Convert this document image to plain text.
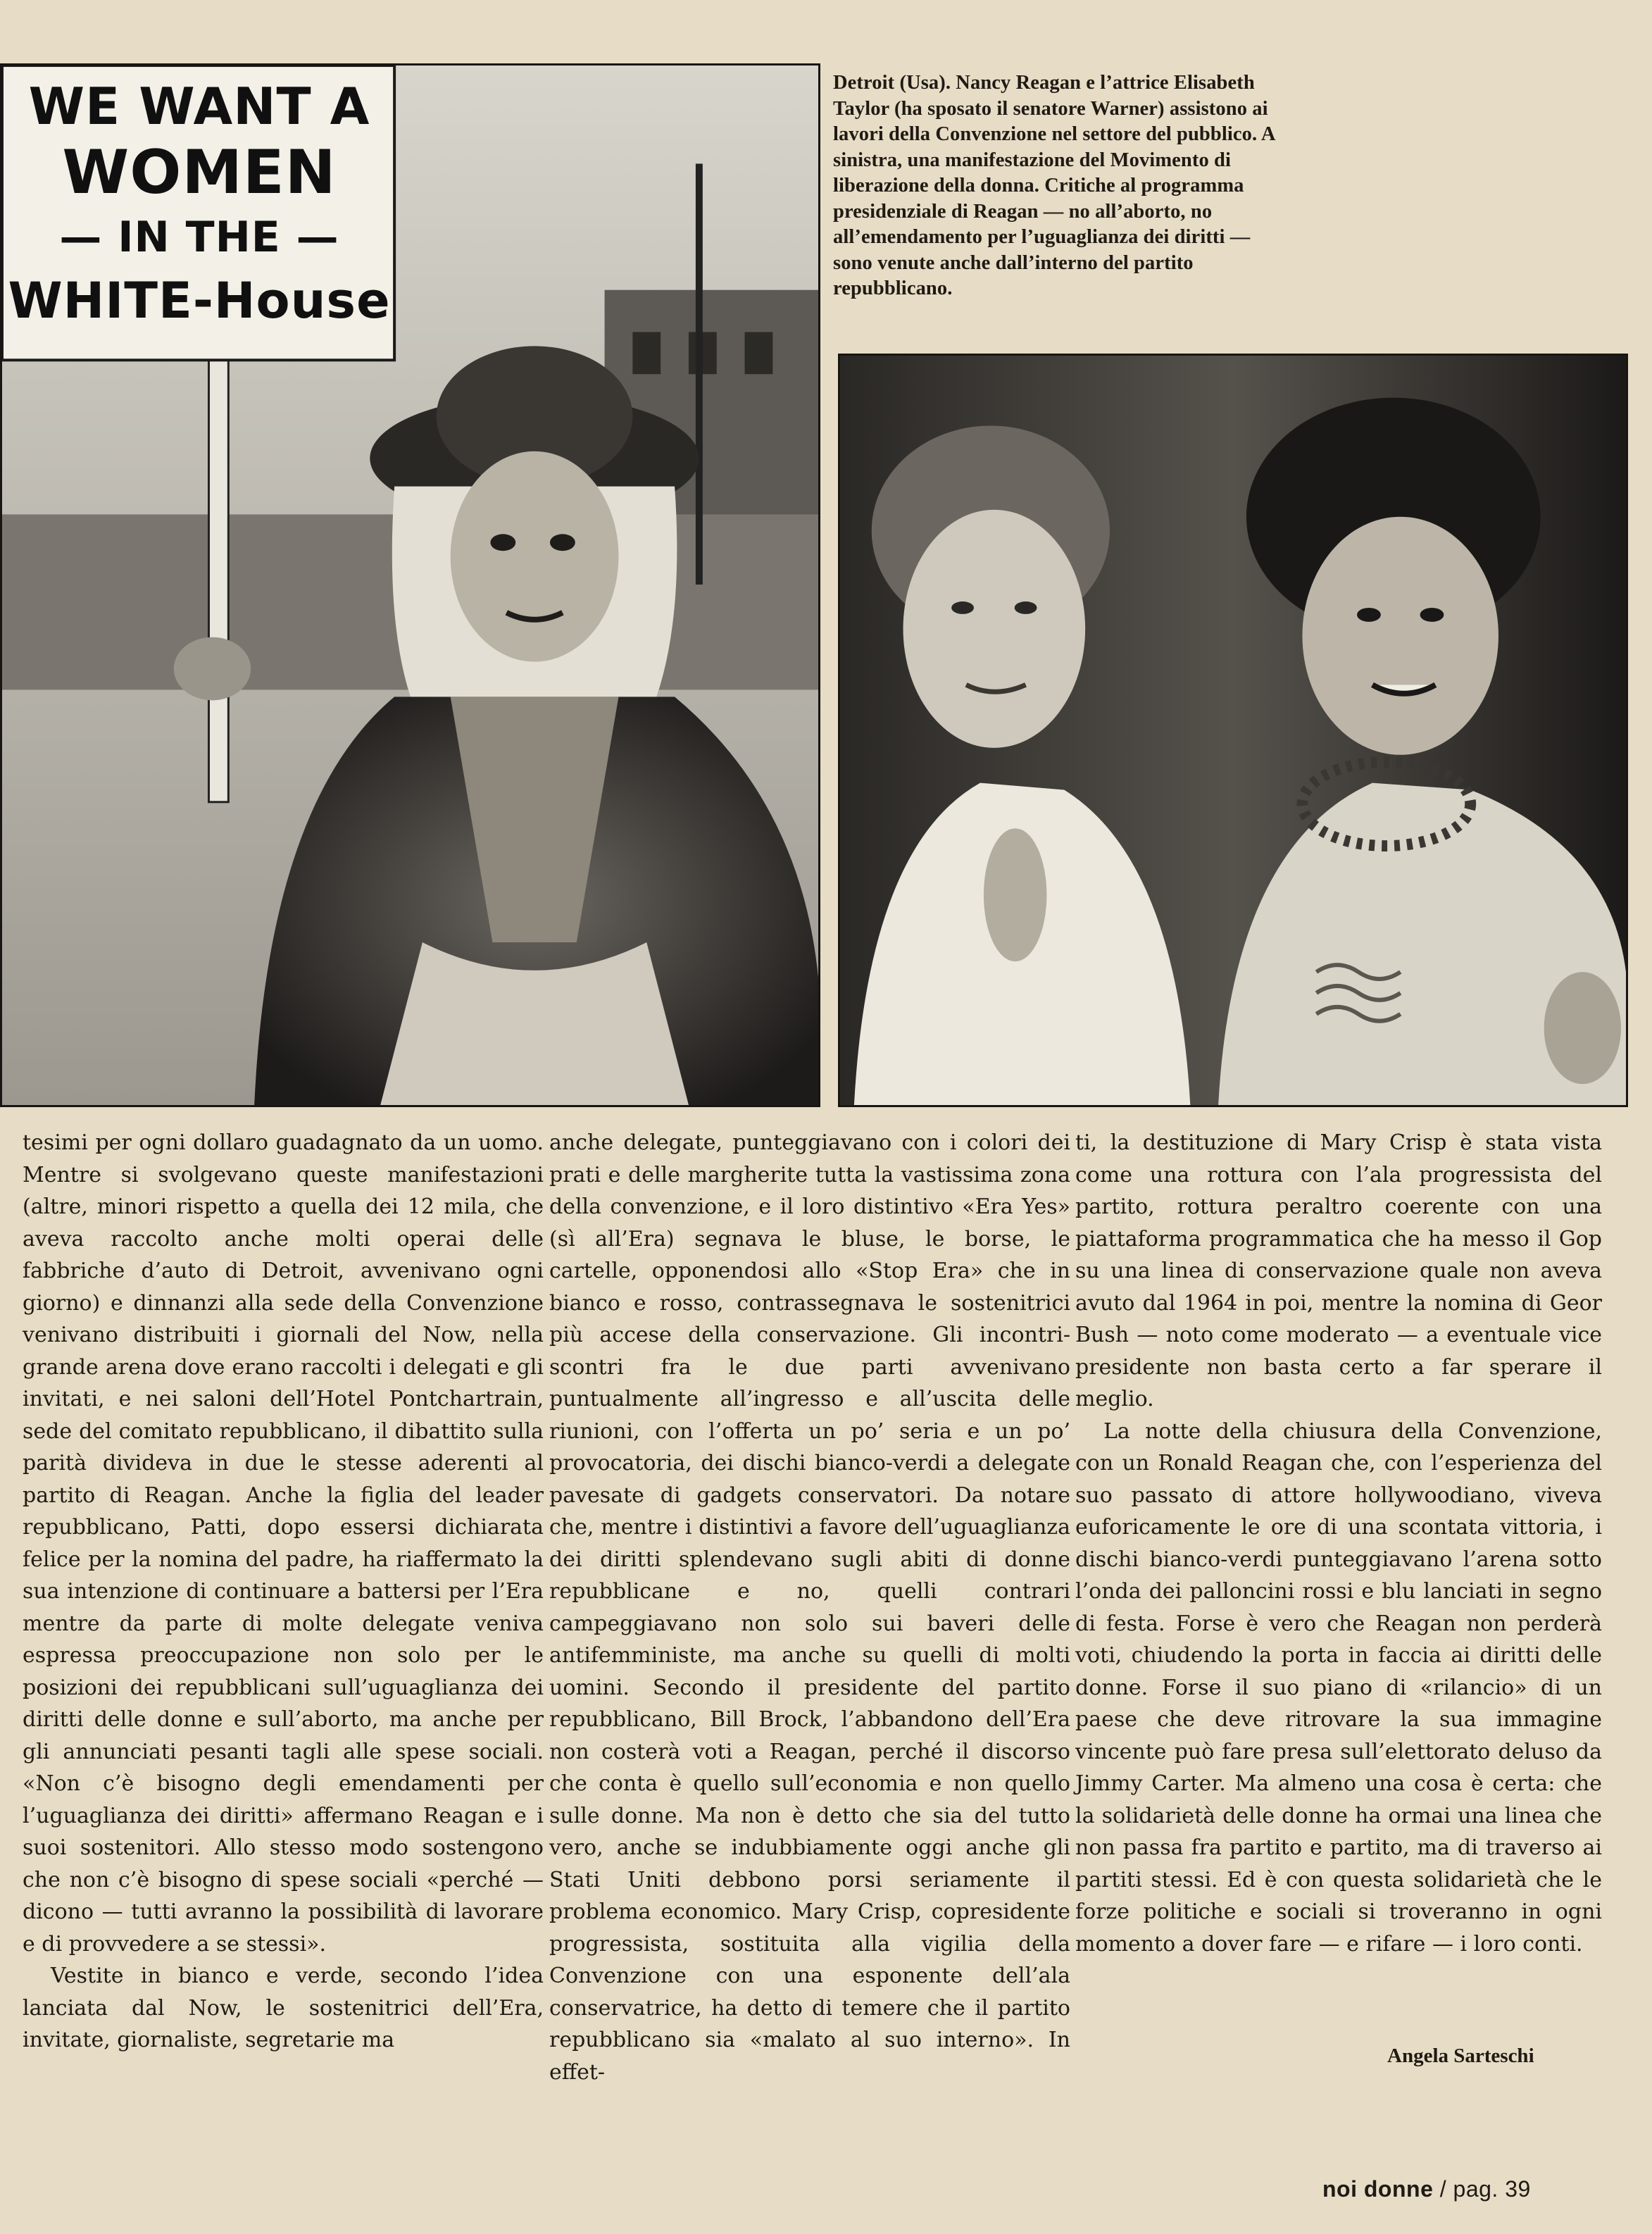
WE WANT A
WOMEN
— IN THE —
WHITE-House

Detroit (Usa). Nancy Reagan e l’attrice Elisabeth Taylor (ha sposato il senatore Warner) assistono ai lavori della Convenzione nel settore del pubblico. A sinistra, una manifestazione del Movimento di liberazione della donna. Critiche al programma presidenziale di Reagan — no all’aborto, no all’emendamento per l’uguaglianza dei diritti — sono venute anche dall’interno del partito repubblicano.

tesimi per ogni dollaro guadagnato da un uomo. Mentre si svolgevano queste manifestazioni (altre, minori rispetto a quella dei 12 mila, che aveva raccolto anche molti operai delle fabbriche d’auto di Detroit, avvenivano ogni giorno) e dinnanzi alla sede della Convenzione venivano distribuiti i giornali del Now, nella grande arena dove erano raccolti i delegati e gli invitati, e nei saloni dell’Hotel Pontchartrain, sede del comitato repubblicano, il dibattito sulla parità divideva in due le stesse aderenti al partito di Reagan. Anche la figlia del leader repubblicano, Patti, dopo essersi dichiarata felice per la nomina del padre, ha riaffermato la sua intenzione di continuare a battersi per l’Era mentre da parte di molte delegate veniva espressa preoccupazione non solo per le posizioni dei repubblicani sull’uguaglianza dei diritti delle donne e sull’aborto, ma anche per gli annunciati pesanti tagli alle spese sociali. «Non c’è bisogno degli emendamenti per l’uguaglianza dei diritti» affermano Reagan e i suoi sostenitori. Allo stesso modo sostengono che non c’è bisogno di spese sociali «perché — dicono — tutti avranno la possibilità di lavorare e di provvedere a se stessi».

Vestite in bianco e verde, secondo l’idea lanciata dal Now, le sostenitrici dell’Era, invitate, giornaliste, segretarie ma

anche delegate, punteggiavano con i colori dei prati e delle margherite tutta la vastissima zona della convenzione, e il loro distintivo «Era Yes» (sì all’Era) segnava le bluse, le borse, le cartelle, opponendosi allo «Stop Era» che in bianco e rosso, contrassegnava le sostenitrici più accese della conservazione. Gli incontri-scontri fra le due parti avvenivano puntualmente all’ingresso e all’uscita delle riunioni, con l’offerta un po’ seria e un po’ provocatoria, dei dischi bianco-verdi a delegate pavesate di gadgets conservatori. Da notare che, mentre i distintivi a favore dell’uguaglianza dei diritti splendevano sugli abiti di donne repubblicane e no, quelli contrari campeggiavano non solo sui baveri delle antifemministe, ma anche su quelli di molti uomini. Secondo il presidente del partito repubblicano, Bill Brock, l’abbandono dell’Era non costerà voti a Reagan, perché il discorso che conta è quello sull’economia e non quello sulle donne. Ma non è detto che sia del tutto vero, anche se indubbiamente oggi anche gli Stati Uniti debbono porsi seriamente il problema economico. Mary Crisp, copresidente progressista, sostituita alla vigilia della Convenzione con una esponente dell’ala conservatrice, ha detto di temere che il partito repubblicano sia «malato al suo interno». In effet-

ti, la destituzione di Mary Crisp è stata vista come una rottura con l’ala progressista del partito, rottura peraltro coerente con una piattaforma programmatica che ha messo il Gop su una linea di conservazione quale non aveva avuto dal 1964 in poi, mentre la nomina di Geor Bush — noto come moderato — a eventuale vice presidente non basta certo a far sperare il meglio.

La notte della chiusura della Convenzione, con un Ronald Reagan che, con l’esperienza del suo passato di attore hollywoodiano, viveva euforicamente le ore di una scontata vittoria, i dischi bianco-verdi punteggiavano l’arena sotto l’onda dei palloncini rossi e blu lanciati in segno di festa. Forse è vero che Reagan non perderà voti, chiudendo la porta in faccia ai diritti delle donne. Forse il suo piano di «rilancio» di un paese che deve ritrovare la sua immagine vincente può fare presa sull’elettorato deluso da Jimmy Carter. Ma almeno una cosa è certa: che la solidarietà delle donne ha ormai una linea che non passa fra partito e partito, ma di traverso ai partiti stessi. Ed è con questa solidarietà che le forze politiche e sociali si troveranno in ogni momento a dover fare — e rifare — i loro conti.

Angela Sarteschi
noi donne / pag. 39
